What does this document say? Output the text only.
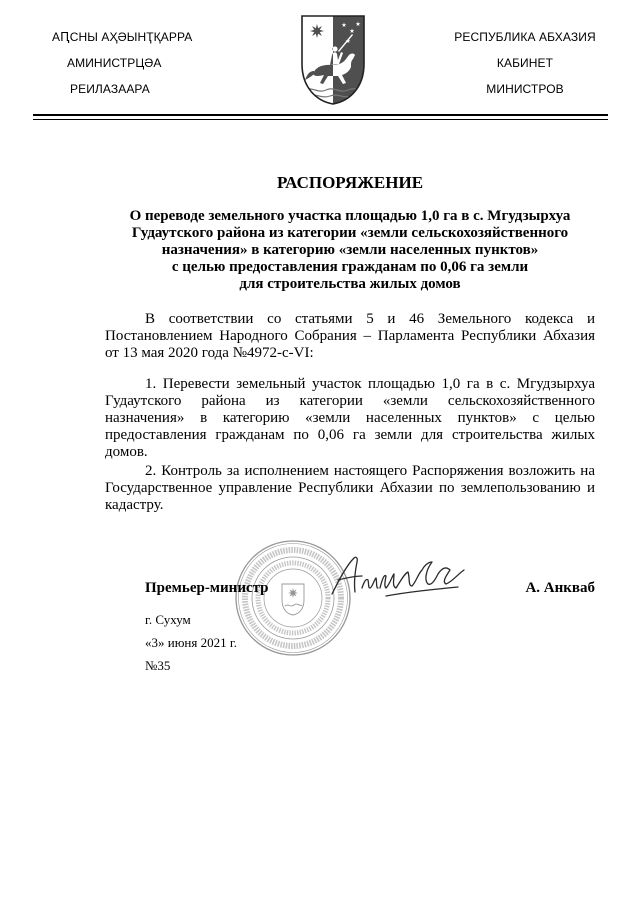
АԤСНЫ АҲӘЫНҬҚАРРА
АМИНИСТРЦӘА
РЕИЛАЗААРА
РЕСПУБЛИКА АБХАЗИЯ
КАБИНЕТ
МИНИСТРОВ
РАСПОРЯЖЕНИЕ
О переводе земельного участка площадью 1,0 га в с. Мгудзырхуа
Гудаутского района из категории «земли сельскохозяйственного
назначения» в категорию «земли населенных пунктов»
с целью предоставления гражданам по 0,06 га земли
для строительства жилых домов
В соответствии со статьями 5 и 46 Земельного кодекса и
Постановлением Народного Собрания – Парламента Республики Абхазия
от 13 мая 2020 года №4972-с-VI:
1. Перевести земельный участок площадью 1,0 га в с. Мгудзырхуа
Гудаутского района из категории «земли сельскохозяйственного
назначения» в категорию «земли населенных пунктов» с целью
предоставления гражданам по 0,06 га земли для строительства жилых
домов.
2. Контроль за исполнением настоящего Распоряжения возложить на
Государственное управление Республики Абхазии по землепользованию и
кадастру.
Премьер-министр	А. Анкваб
г. Сухум
«3» июня 2021 г.
№35
